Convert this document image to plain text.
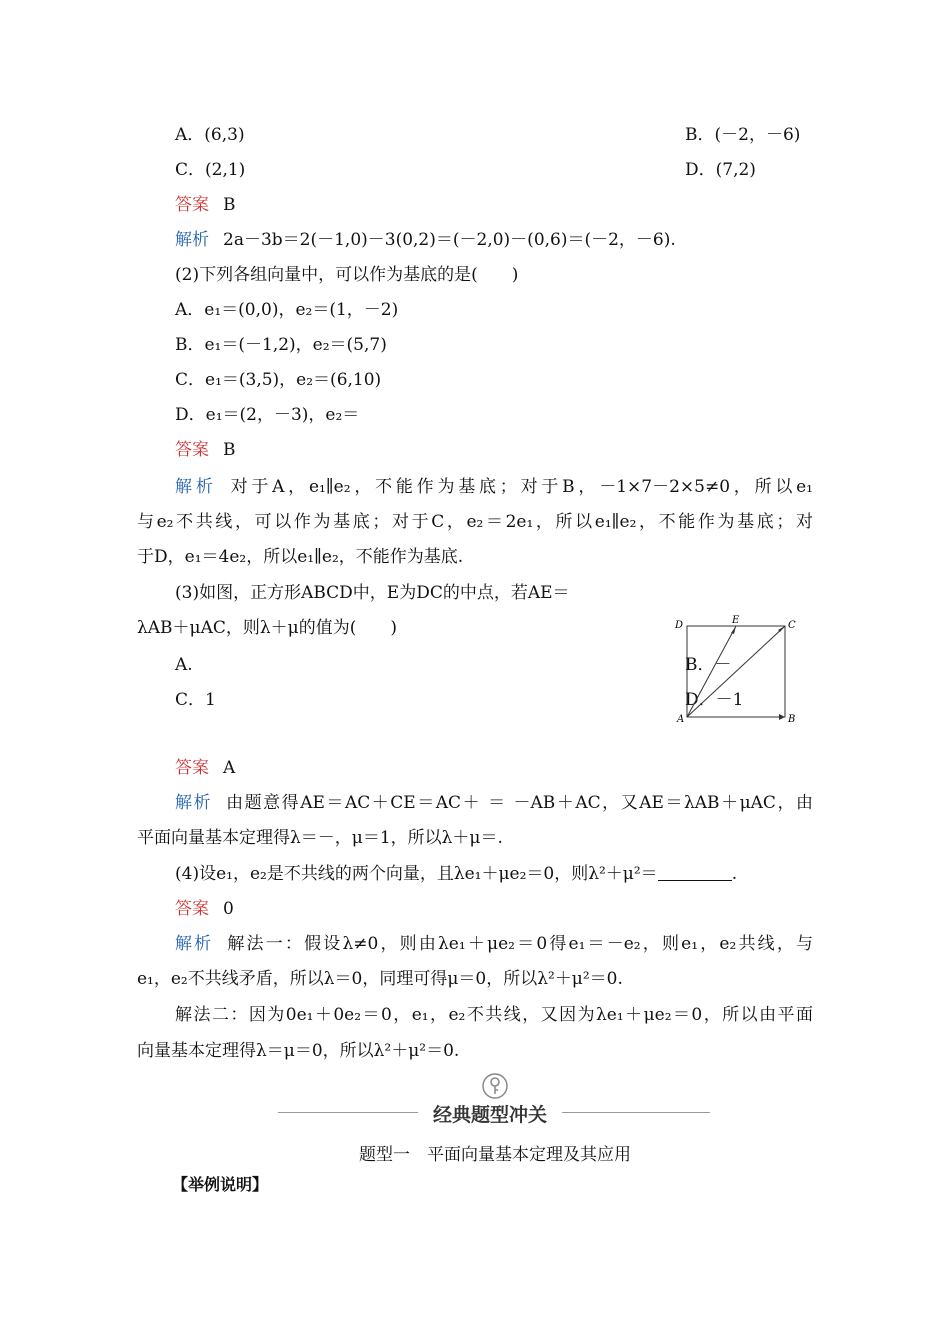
A．(6,3)	B．(－2，－6)
C．(2,1)	D．(7,2)
答案 B
解析 2a－3b＝2(－1,0)－3(0,2)＝(－2,0)－(0,6)＝(－2，－6).
(2)下列各组向量中，可以作为基底的是(　　)
A．e₁＝(0,0)，e₂＝(1，－2)
B．e₁＝(－1,2)，e₂＝(5,7)
C．e₁＝(3,5)，e₂＝(6,10)
D．e₁＝(2，－3)，e₂＝
答案 B
解析 对于A，e₁∥e₂，不能作为基底；对于B，－1×7－2×5≠0，所以e₁
与e₂不共线，可以作为基底；对于C，e₂＝2e₁，所以e₁∥e₂，不能作为基底；对
于D，e₁＝4e₂，所以e₁∥e₂，不能作为基底.
(3)如图，正方形ABCD中，E为DC的中点，若AE＝
λAB＋μAC，则λ＋μ的值为(　　)
A.	B．－
C．1	D．－1
D	E	C
A	B
答案 A
解析 由题意得AE＝AC＋CE＝AC＋ ＝ －AB＋AC，又AE＝λAB＋μAC，由
平面向量基本定理得λ＝－，μ＝1，所以λ＋μ＝.
(4)设e₁，e₂是不共线的两个向量，且λe₁＋μe₂＝0，则λ²＋μ²＝	.
答案 0
解析 解法一：假设λ≠0，则由λe₁＋μe₂＝0得e₁＝－e₂，则e₁，e₂共线，与
e₁，e₂不共线矛盾，所以λ＝0，同理可得μ＝0，所以λ²＋μ²＝0.
解法二：因为0e₁＋0e₂＝0，e₁，e₂不共线，又因为λe₁＋μe₂＝0，所以由平面
向量基本定理得λ＝μ＝0，所以λ²＋μ²＝0.
经典题型冲关
题型一　平面向量基本定理及其应用
【举例说明】
